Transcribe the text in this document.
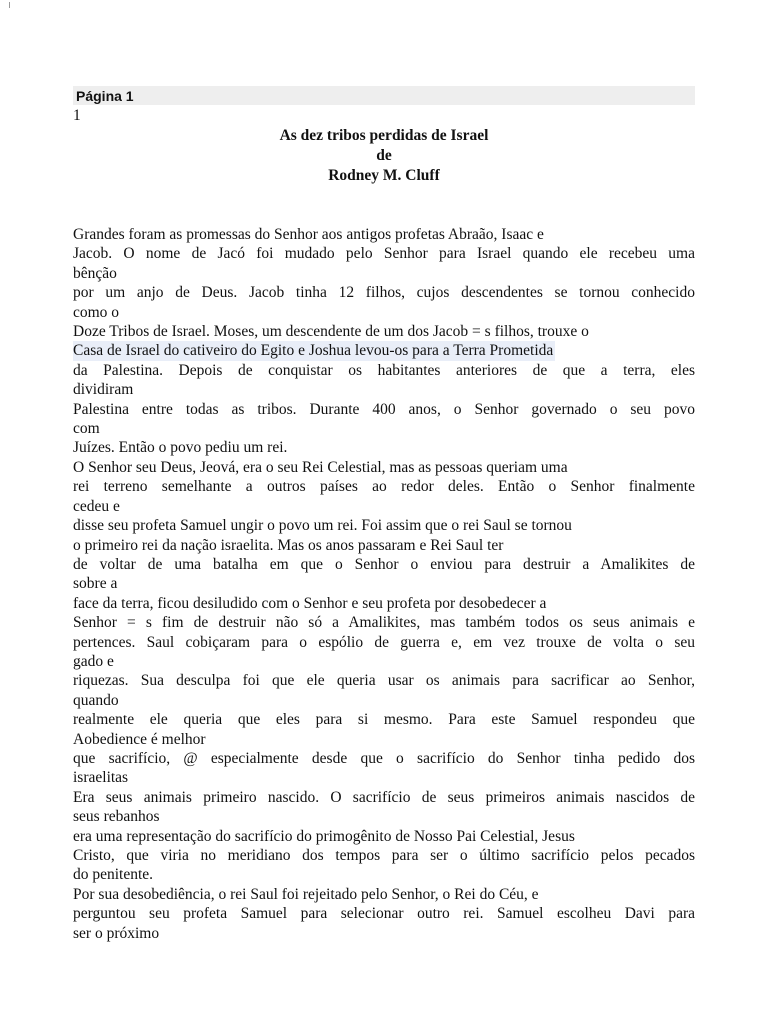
Página 1
1
As dez tribos perdidas de Israel
de
Rodney M. Cluff
Grandes foram as promessas do Senhor aos antigos profetas Abraão, Isaac e
Jacob. O nome de Jacó foi mudado pelo Senhor para Israel quando ele recebeu uma
bênção
por um anjo de Deus. Jacob tinha 12 filhos, cujos descendentes se tornou conhecido
como o
Doze Tribos de Israel. Moses, um descendente de um dos Jacob = s filhos, trouxe o
Casa de Israel do cativeiro do Egito e Joshua levou-os para a Terra Prometida
da Palestina. Depois de conquistar os habitantes anteriores de que a terra, eles
dividiram
Palestina entre todas as tribos. Durante 400 anos, o Senhor governado o seu povo
com
Juízes. Então o povo pediu um rei.
O Senhor seu Deus, Jeová, era o seu Rei Celestial, mas as pessoas queriam uma
rei terreno semelhante a outros países ao redor deles. Então o Senhor finalmente
cedeu e
disse seu profeta Samuel ungir o povo um rei. Foi assim que o rei Saul se tornou
o primeiro rei da nação israelita. Mas os anos passaram e Rei Saul ter
de voltar de uma batalha em que o Senhor o enviou para destruir a Amalikites de
sobre a
face da terra, ficou desiludido com o Senhor e seu profeta por desobedecer a
Senhor = s fim de destruir não só a Amalikites, mas também todos os seus animais e
pertences. Saul cobiçaram para o espólio de guerra e, em vez trouxe de volta o seu
gado e
riquezas. Sua desculpa foi que ele queria usar os animais para sacrificar ao Senhor,
quando
realmente ele queria que eles para si mesmo. Para este Samuel respondeu que
Aobedience é melhor
que sacrifício, @ especialmente desde que o sacrifício do Senhor tinha pedido dos
israelitas
Era seus animais primeiro nascido. O sacrifício de seus primeiros animais nascidos de
seus rebanhos
era uma representação do sacrifício do primogênito de Nosso Pai Celestial, Jesus
Cristo, que viria no meridiano dos tempos para ser o último sacrifício pelos pecados
do penitente.
Por sua desobediência, o rei Saul foi rejeitado pelo Senhor, o Rei do Céu, e
perguntou seu profeta Samuel para selecionar outro rei. Samuel escolheu Davi para
ser o próximo
